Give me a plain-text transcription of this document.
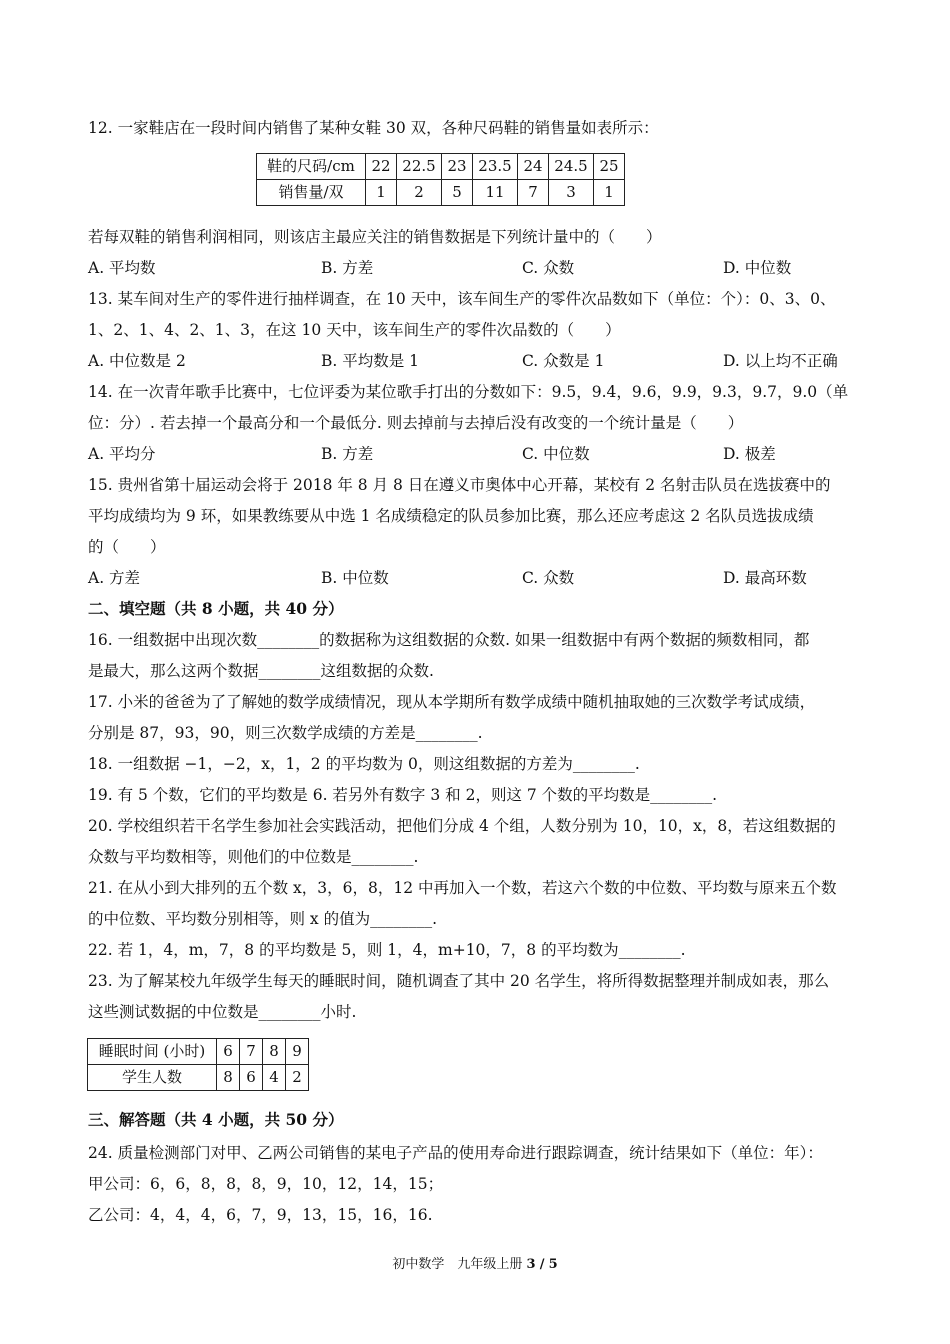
12. 一家鞋店在一段时间内销售了某种女鞋 30 双，各种尺码鞋的销售量如表所示：
鞋的尺码/cm	22	22.5	23	23.5	24	24.5	25
销售量/双	1	2	5	11	7	3	1
若每双鞋的销售利润相同，则该店主最应关注的销售数据是下列统计量中的（　　）
A. 平均数	B. 方差	C. 众数	D. 中位数
13. 某车间对生产的零件进行抽样调查，在 10 天中，该车间生产的零件次品数如下（单位：个）：0、3、0、
1、2、1、4、2、1、3，在这 10 天中，该车间生产的零件次品数的（　　）
A. 中位数是 2	B. 平均数是 1	C. 众数是 1	D. 以上均不正确
14. 在一次青年歌手比赛中，七位评委为某位歌手打出的分数如下：9.5，9.4，9.6，9.9，9.3，9.7，9.0（单
位：分）. 若去掉一个最高分和一个最低分. 则去掉前与去掉后没有改变的一个统计量是（　　）
A. 平均分	B. 方差	C. 中位数	D. 极差
15. 贵州省第十届运动会将于 2018 年 8 月 8 日在遵义市奥体中心开幕，某校有 2 名射击队员在选拔赛中的
平均成绩均为 9 环，如果教练要从中选 1 名成绩稳定的队员参加比赛，那么还应考虑这 2 名队员选拔成绩
的（　　）
A. 方差	B. 中位数	C. 众数	D. 最高环数
二、填空题（共 8 小题，共 40 分）
16. 一组数据中出现次数________的数据称为这组数据的众数. 如果一组数据中有两个数据的频数相同，都
是最大，那么这两个数据________这组数据的众数.
17. 小米的爸爸为了了解她的数学成绩情况，现从本学期所有数学成绩中随机抽取她的三次数学考试成绩，
分别是 87，93，90，则三次数学成绩的方差是________.
18. 一组数据 −1，−2，x，1，2 的平均数为 0，则这组数据的方差为________.
19. 有 5 个数，它们的平均数是 6. 若另外有数字 3 和 2，则这 7 个数的平均数是________.
20. 学校组织若干名学生参加社会实践活动，把他们分成 4 个组，人数分别为 10，10，x，8，若这组数据的
众数与平均数相等，则他们的中位数是________.
21. 在从小到大排列的五个数 x，3，6，8，12 中再加入一个数，若这六个数的中位数、平均数与原来五个数
的中位数、平均数分别相等，则 x 的值为________.
22. 若 1，4，m，7，8 的平均数是 5，则 1，4，m+10，7，8 的平均数为________.
23. 为了解某校九年级学生每天的睡眠时间，随机调查了其中 20 名学生，将所得数据整理并制成如表，那么
这些测试数据的中位数是________小时.
睡眠时间 (小时)	6	7	8	9
学生人数	8	6	4	2
三、解答题（共 4 小题，共 50 分）
24. 质量检测部门对甲、乙两公司销售的某电子产品的使用寿命进行跟踪调查，统计结果如下（单位：年）：
甲公司：6，6，8，8，8，9，10，12，14，15；
乙公司：4，4，4，6，7，9，13，15，16，16.
初中数学　九年级上册 3 / 5
